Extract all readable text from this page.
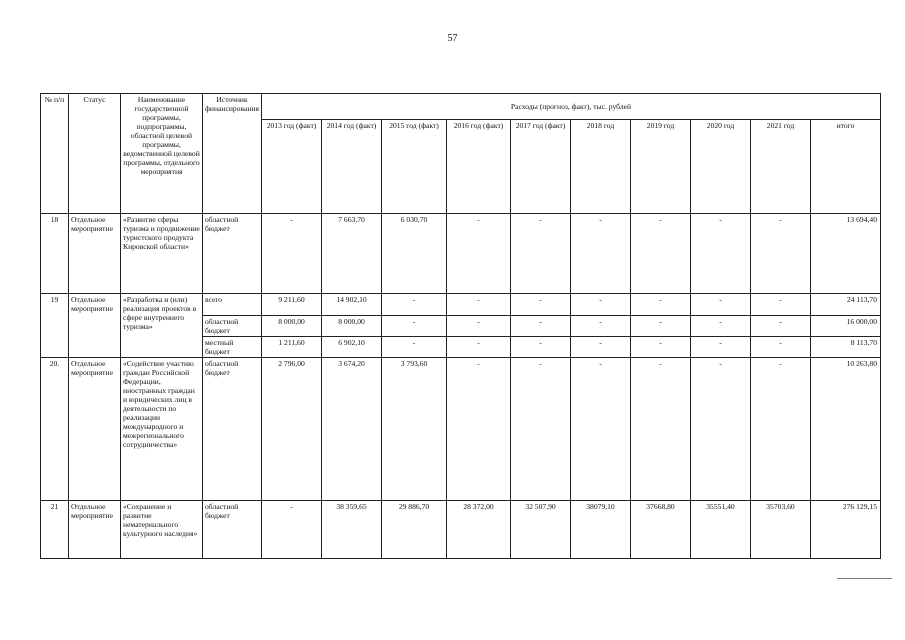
57
№ п/п	Статус	Наименование государственной программы, подпрограммы, областной целевой программы, ведомственной целевой программы, отдельного мероприятия	Источник финансирования	Расходы (прогноз, факт), тыс. рублей									
				2013 год (факт)	2014 год (факт)	2015 год (факт)	2016 год (факт)	2017 год (факт)	2018 год	2019 год	2020 год	2021 год	итого
18	Отдельное мероприятие	«Развитие сферы туризма и продвижение туристского продукта Кировской области»	областной бюджет	-	7 663,70	6 030,70	-	-	-	-	-	-	13 694,40
19	Отдельное мероприятие	«Разработка и (или) реализация проектов в сфере внутреннего туризма»	всего	9 211,60	14 902,10	-	-	-	-	-	-	-	24 113,70
			областной бюджет	8 000,00	8 000,00	-	-	-	-	-	-	-	16 000,00
			местный бюджет	1 211,60	6 902,10	-	-	-	-	-	-	-	8 113,70
20.	Отдельное мероприятие	«Содействие участию граждан Российской Федерации, иностранных граждан и юридических лиц в деятельности по реализации международного и межрегионального сотрудничества»	областной бюджет	2 796,00	3 674,20	3 793,60	-	-	-	-	-	-	10 263,80
21	Отдельное мероприятие	«Сохранение и развитие нематериального культурного наследия»	областной бюджет	-	38 359,65	29 886,70	28 372,00	32 507,90	38079,10	37668,80	35551,40	35703,60	276 129,15
